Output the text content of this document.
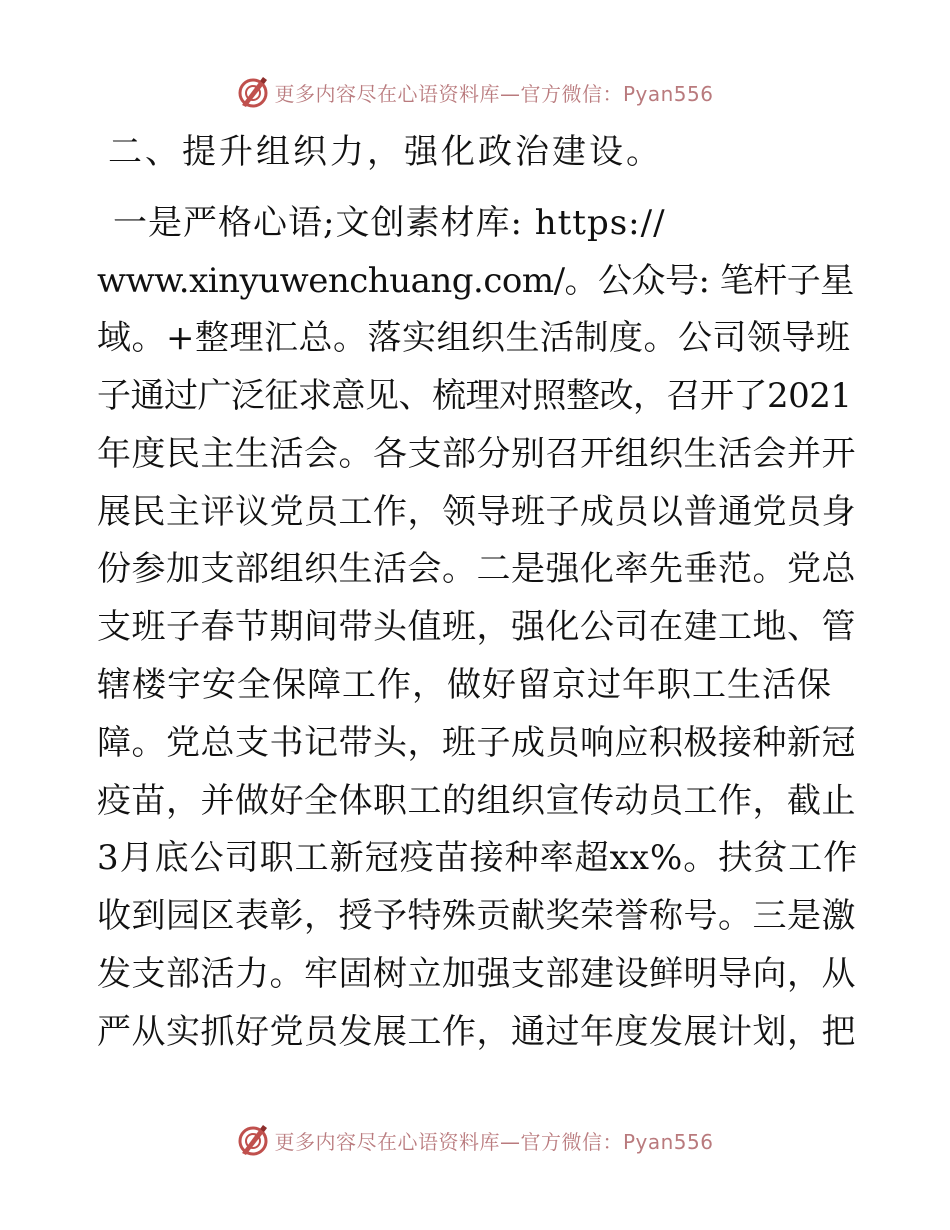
更多内容尽在心语资料库—官方微信：Pyan556
二、提升组织力，强化政治建设。
一是严格心语;文创素材库: https://
www.xinyuwenchuang.com/。公众号: 笔杆子星
域。+整理汇总。落实组织生活制度。公司领导班
子通过广泛征求意见、梳理对照整改，召开了2021
年度民主生活会。各支部分别召开组织生活会并开
展民主评议党员工作，领导班子成员以普通党员身
份参加支部组织生活会。二是强化率先垂范。党总
支班子春节期间带头值班，强化公司在建工地、管
辖楼宇安全保障工作，做好留京过年职工生活保
障。党总支书记带头，班子成员响应积极接种新冠
疫苗，并做好全体职工的组织宣传动员工作，截止
3月底公司职工新冠疫苗接种率超xx%。扶贫工作
收到园区表彰，授予特殊贡献奖荣誉称号。三是激
发支部活力。牢固树立加强支部建设鲜明导向，从
严从实抓好党员发展工作，通过年度发展计划，把
更多内容尽在心语资料库—官方微信：Pyan556
